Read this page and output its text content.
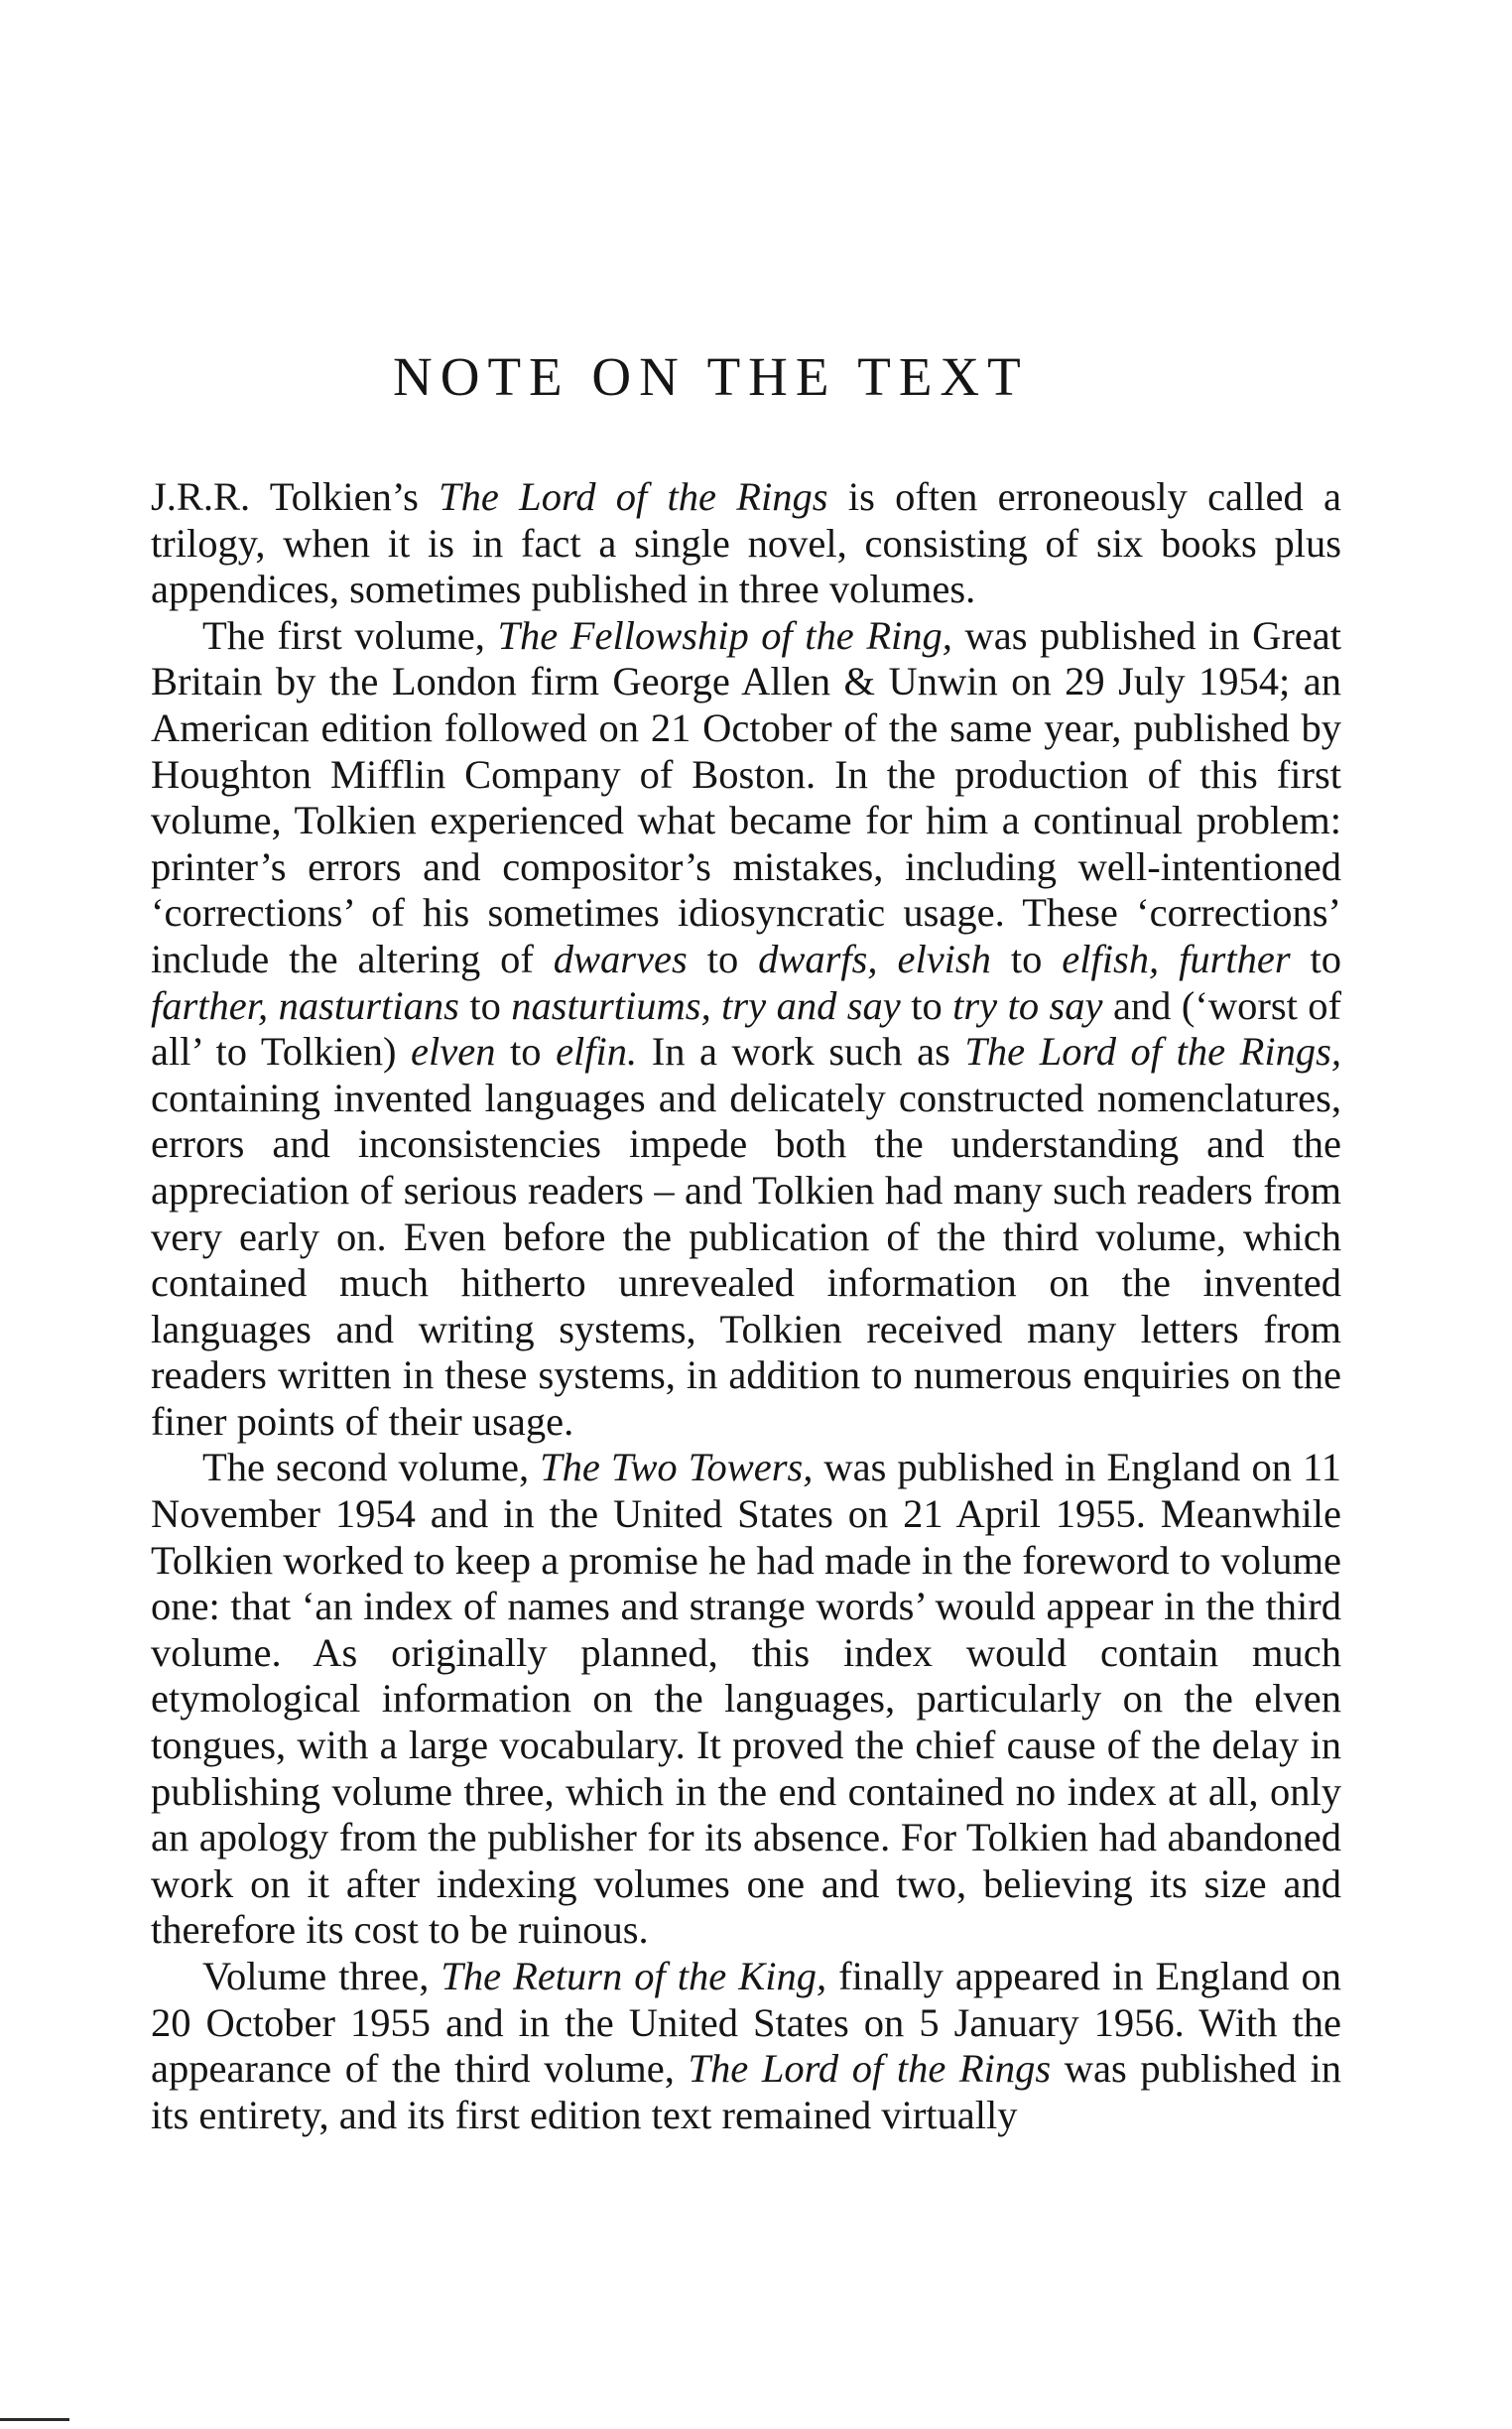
NOTE ON THE TEXT

J.R.R. Tolkien’s The Lord of the Rings is often erroneously called a trilogy, when it is in fact a single novel, consisting of six books plus appendices, sometimes published in three volumes.

The first volume, The Fellowship of the Ring, was published in Great Britain by the London firm George Allen & Unwin on 29 July 1954; an American edition followed on 21 October of the same year, published by Houghton Mifflin Company of Boston. In the production of this first volume, Tolkien experienced what became for him a continual problem: printer’s errors and compositor’s mistakes, including well-intentioned ‘corrections’ of his sometimes idiosyncratic usage. These ‘corrections’ include the altering of dwarves to dwarfs, elvish to elfish, further to farther, nasturtians to nasturtiums, try and say to try to say and (‘worst of all’ to Tolkien) elven to elfin. In a work such as The Lord of the Rings, containing invented languages and delicately constructed nomenclatures, errors and inconsistencies impede both the understanding and the appreciation of serious readers – and Tolkien had many such readers from very early on. Even before the publication of the third volume, which contained much hitherto unrevealed information on the invented languages and writing systems, Tolkien received many letters from readers written in these systems, in addition to numerous enquiries on the finer points of their usage.

The second volume, The Two Towers, was published in England on 11 November 1954 and in the United States on 21 April 1955. Meanwhile Tolkien worked to keep a promise he had made in the foreword to volume one: that ‘an index of names and strange words’ would appear in the third volume. As originally planned, this index would contain much etymological information on the languages, particularly on the elven tongues, with a large vocabulary. It proved the chief cause of the delay in publishing volume three, which in the end contained no index at all, only an apology from the publisher for its absence. For Tolkien had abandoned work on it after indexing volumes one and two, believing its size and therefore its cost to be ruinous.

Volume three, The Return of the King, finally appeared in England on 20 October 1955 and in the United States on 5 January 1956. With the appearance of the third volume, The Lord of the Rings was published in its entirety, and its first edition text remained virtually
